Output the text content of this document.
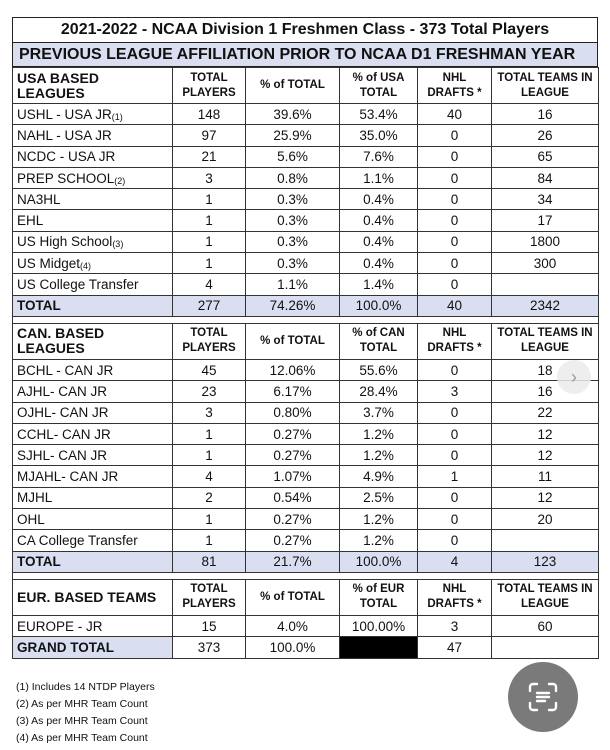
2021-2022 - NCAA Division 1 Freshmen Class - 373 Total Players
PREVIOUS LEAGUE AFFILIATION PRIOR TO NCAA D1 FRESHMAN YEAR
USA BASED LEAGUES	TOTAL PLAYERS	% of TOTAL	% of USA TOTAL	NHL DRAFTS *	TOTAL TEAMS IN LEAGUE
USHL - USA JR$^{(1)}$	148	39.6%	53.4%	40	16
NAHL - USA JR	97	25.9%	35.0%	0	26
NCDC - USA JR	21	5.6%	7.6%	0	65
PREP SCHOOL$^{(2)}$	3	0.8%	1.1%	0	84
NA3HL	1	0.3%	0.4%	0	34
EHL	1	0.3%	0.4%	0	17
US High School$^{(3)}$	1	0.3%	0.4%	0	1800
US Midget$^{(4)}$	1	0.3%	0.4%	0	300
US College Transfer	4	1.1%	1.4%	0	
TOTAL	277	74.26%	100.0%	40	2342

CAN. BASED LEAGUES	TOTAL PLAYERS	% of TOTAL	% of CAN TOTAL	NHL DRAFTS *	TOTAL TEAMS IN LEAGUE
BCHL - CAN JR	45	12.06%	55.6%	0	18
AJHL- CAN JR	23	6.17%	28.4%	3	16
OJHL- CAN JR	3	0.80%	3.7%	0	22
CCHL- CAN JR	1	0.27%	1.2%	0	12
SJHL- CAN JR	1	0.27%	1.2%	0	12
MJAHL- CAN JR	4	1.07%	4.9%	1	11
MJHL	2	0.54%	2.5%	0	12
OHL	1	0.27%	1.2%	0	20
CA College Transfer	1	0.27%	1.2%	0	
TOTAL	81	21.7%	100.0%	4	123

EUR. BASED TEAMS	TOTAL PLAYERS	% of TOTAL	% of EUR TOTAL	NHL DRAFTS *	TOTAL TEAMS IN LEAGUE
EUROPE - JR	15	4.0%	100.00%	3	60
GRAND TOTAL	373	100.0%		47	
(1) Includes 14 NTDP Players
(2) As per MHR Team Count
(3) As per MHR Team Count
(4) As per MHR Team Count
›
